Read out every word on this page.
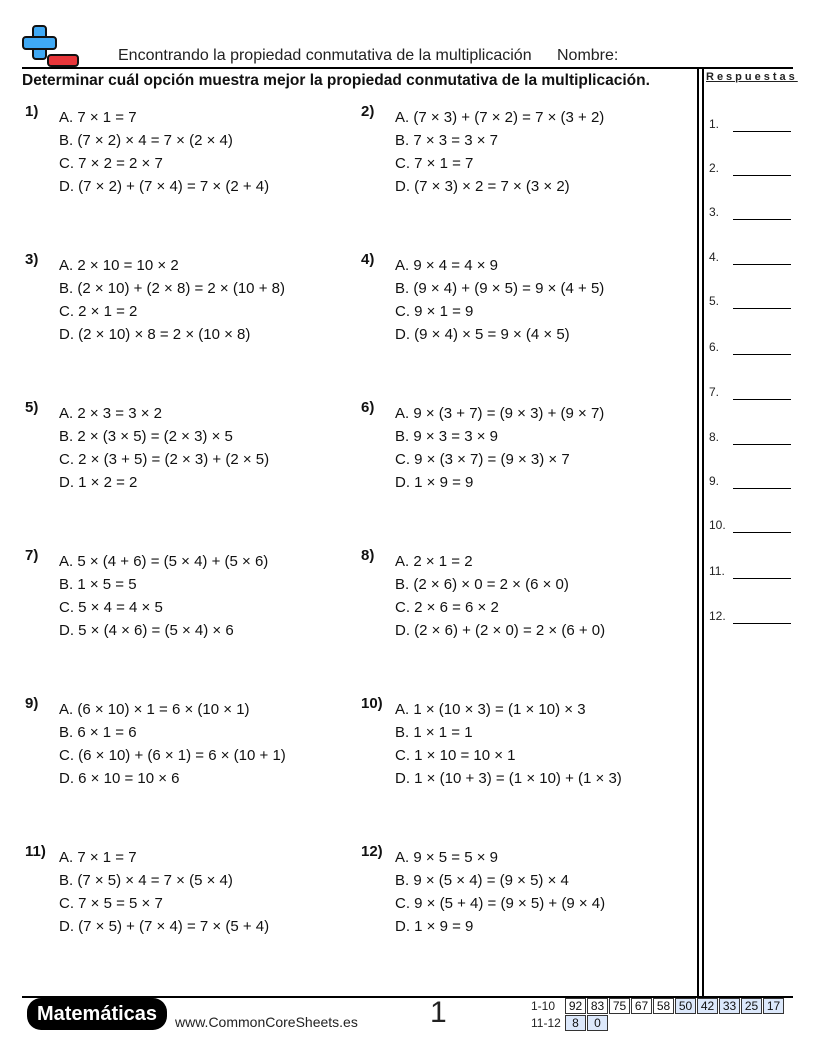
Encontrando la propiedad conmutativa de la multiplicación Nombre:
Determinar cuál opción muestra mejor la propiedad conmutativa de la multiplicación.	Respuestas
1.
2.
3.
4.
5.
6.
7.
8.
9.
10.
11.
12.
1) A. 7 × 1 = 7
B. (7 × 2) × 4 = 7 × (2 × 4)
C. 7 × 2 = 2 × 7
D. (7 × 2) + (7 × 4) = 7 × (2 + 4)
2) A. (7 × 3) + (7 × 2) = 7 × (3 + 2)
B. 7 × 3 = 3 × 7
C. 7 × 1 = 7
D. (7 × 3) × 2 = 7 × (3 × 2)
3) A. 2 × 10 = 10 × 2
B. (2 × 10) + (2 × 8) = 2 × (10 + 8)
C. 2 × 1 = 2
D. (2 × 10) × 8 = 2 × (10 × 8)
4) A. 9 × 4 = 4 × 9
B. (9 × 4) + (9 × 5) = 9 × (4 + 5)
C. 9 × 1 = 9
D. (9 × 4) × 5 = 9 × (4 × 5)
5) A. 2 × 3 = 3 × 2
B. 2 × (3 × 5) = (2 × 3) × 5
C. 2 × (3 + 5) = (2 × 3) + (2 × 5)
D. 1 × 2 = 2
6) A. 9 × (3 + 7) = (9 × 3) + (9 × 7)
B. 9 × 3 = 3 × 9
C. 9 × (3 × 7) = (9 × 3) × 7
D. 1 × 9 = 9
7) A. 5 × (4 + 6) = (5 × 4) + (5 × 6)
B. 1 × 5 = 5
C. 5 × 4 = 4 × 5
D. 5 × (4 × 6) = (5 × 4) × 6
8) A. 2 × 1 = 2
B. (2 × 6) × 0 = 2 × (6 × 0)
C. 2 × 6 = 6 × 2
D. (2 × 6) + (2 × 0) = 2 × (6 + 0)
9) A. (6 × 10) × 1 = 6 × (10 × 1)
B. 6 × 1 = 6
C. (6 × 10) + (6 × 1) = 6 × (10 + 1)
D. 6 × 10 = 10 × 6
10) A. 1 × (10 × 3) = (1 × 10) × 3
B. 1 × 1 = 1
C. 1 × 10 = 10 × 1
D. 1 × (10 + 3) = (1 × 10) + (1 × 3)
11) A. 7 × 1 = 7
B. (7 × 5) × 4 = 7 × (5 × 4)
C. 7 × 5 = 5 × 7
D. (7 × 5) + (7 × 4) = 7 × (5 + 4)
12) A. 9 × 5 = 5 × 9
B. 9 × (5 × 4) = (9 × 5) × 4
C. 9 × (5 + 4) = (9 × 5) + (9 × 4)
D. 1 × 9 = 9
Matemáticas	www.CommonCoreSheets.es 1	1-10	92 83 75 67 58 50 42 33 25 17
11-12 8	0
